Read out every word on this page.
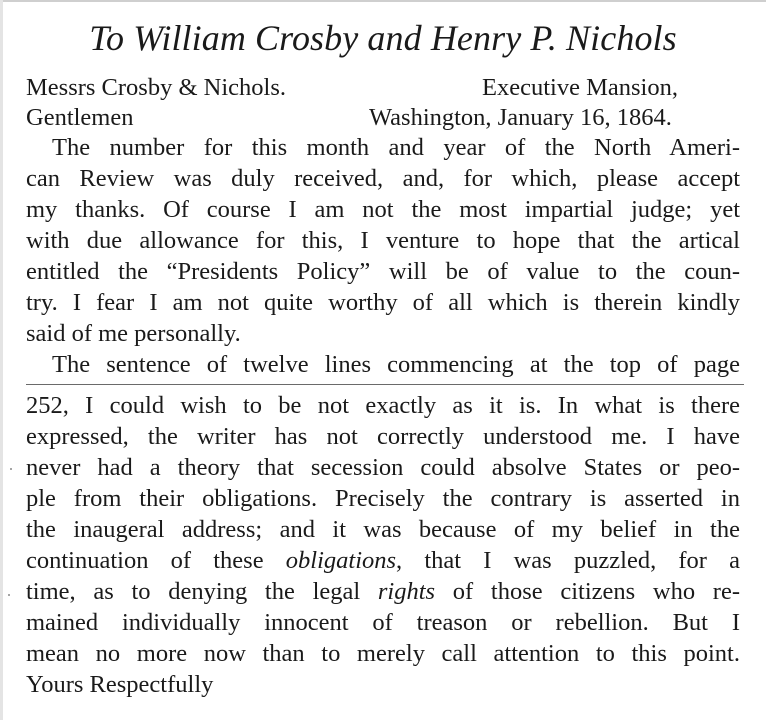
To William Crosby and Henry P. Nichols
Messrs Crosby & Nichols.	Executive Mansion,
Gentlemen	Washington, January 16, 1864.
The number for this month and year of the North Ameri-
can Review was duly received, and, for which, please accept
my thanks. Of course I am not the most impartial judge; yet
with due allowance for this, I venture to hope that the artical
entitled the “Presidents Policy” will be of value to the coun-
try. I fear I am not quite worthy of all which is therein kindly
said of me personally.
The sentence of twelve lines commencing at the top of page
252, I could wish to be not exactly as it is. In what is there
expressed, the writer has not correctly understood me. I have
never had a theory that secession could absolve States or peo-
ple from their obligations. Precisely the contrary is asserted in
the inaugeral address; and it was because of my belief in the
continuation of these obligations, that I was puzzled, for a
time, as to denying the legal rights of those citizens who re-
mained individually innocent of treason or rebellion. But I
mean no more now than to merely call attention to this point.
Yours Respectfully
